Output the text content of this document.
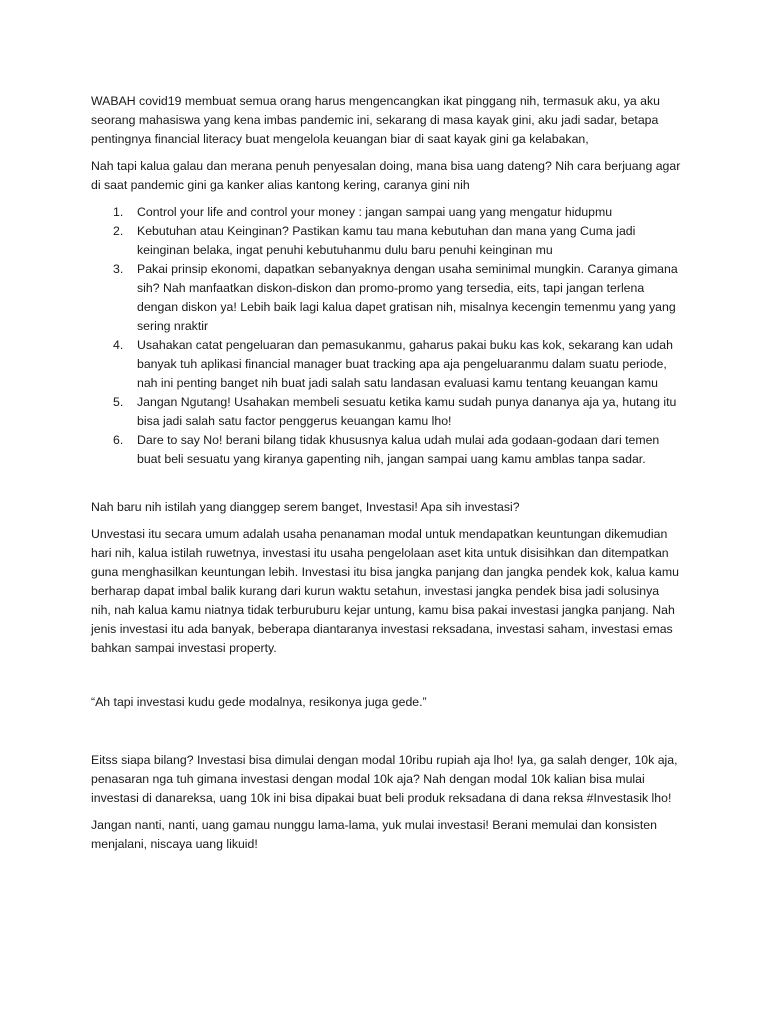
WABAH covid19 membuat semua orang harus mengencangkan ikat pinggang nih, termasuk aku, ya aku seorang mahasiswa yang kena imbas pandemic ini, sekarang di masa kayak gini, aku jadi sadar, betapa pentingnya financial literacy buat mengelola keuangan biar di saat kayak gini ga kelabakan,

Nah tapi kalua galau dan merana penuh penyesalan doing, mana bisa uang dateng? Nih cara berjuang agar di saat pandemic gini ga kanker alias kantong kering, caranya gini nih

1.	Control your life and control your money : jangan sampai uang yang mengatur hidupmu
2.	Kebutuhan atau Keinginan? Pastikan kamu tau mana kebutuhan dan mana yang Cuma jadi keinginan belaka, ingat penuhi kebutuhanmu dulu baru penuhi keinginan mu
3.	Pakai prinsip ekonomi, dapatkan sebanyaknya dengan usaha seminimal mungkin. Caranya gimana sih? Nah manfaatkan diskon-diskon dan promo-promo yang tersedia, eits, tapi jangan terlena dengan diskon ya! Lebih baik lagi kalua dapet gratisan nih, misalnya kecengin temenmu yang yang sering nraktir
4.	Usahakan catat pengeluaran dan pemasukanmu, gaharus pakai buku kas kok, sekarang kan udah banyak tuh aplikasi financial manager buat tracking apa aja pengeluaranmu dalam suatu periode, nah ini penting banget nih buat jadi salah satu landasan evaluasi kamu tentang keuangan kamu
5.	Jangan Ngutang! Usahakan membeli sesuatu ketika kamu sudah punya dananya aja ya, hutang itu bisa jadi salah satu factor penggerus keuangan kamu lho!
6.	Dare to say No! berani bilang tidak khususnya kalua udah mulai ada godaan-godaan dari temen buat beli sesuatu yang kiranya gapenting nih, jangan sampai uang kamu amblas tanpa sadar.

Nah baru nih istilah yang dianggep serem banget, Investasi! Apa sih investasi?

Unvestasi itu secara umum adalah usaha penanaman modal untuk mendapatkan keuntungan dikemudian hari nih, kalua istilah ruwetnya, investasi itu usaha pengelolaan aset kita untuk disisihkan dan ditempatkan guna menghasilkan keuntungan lebih. Investasi itu bisa jangka panjang dan jangka pendek kok, kalua kamu berharap dapat imbal balik kurang dari kurun waktu setahun, investasi jangka pendek bisa jadi solusinya nih, nah kalua kamu niatnya tidak terburuburu kejar untung, kamu bisa pakai investasi jangka panjang. Nah jenis investasi itu ada banyak, beberapa diantaranya investasi reksadana, investasi saham, investasi emas bahkan sampai investasi property.

“Ah tapi investasi kudu gede modalnya, resikonya juga gede.”

Eitss siapa bilang? Investasi bisa dimulai dengan modal 10ribu rupiah aja lho! Iya, ga salah denger, 10k aja, penasaran nga tuh gimana investasi dengan modal 10k aja? Nah dengan modal 10k kalian bisa mulai investasi di danareksa, uang 10k ini bisa dipakai buat beli produk reksadana di dana reksa #Investasik lho!

Jangan nanti, nanti, uang gamau nunggu lama-lama, yuk mulai investasi! Berani memulai dan konsisten menjalani, niscaya uang likuid!
